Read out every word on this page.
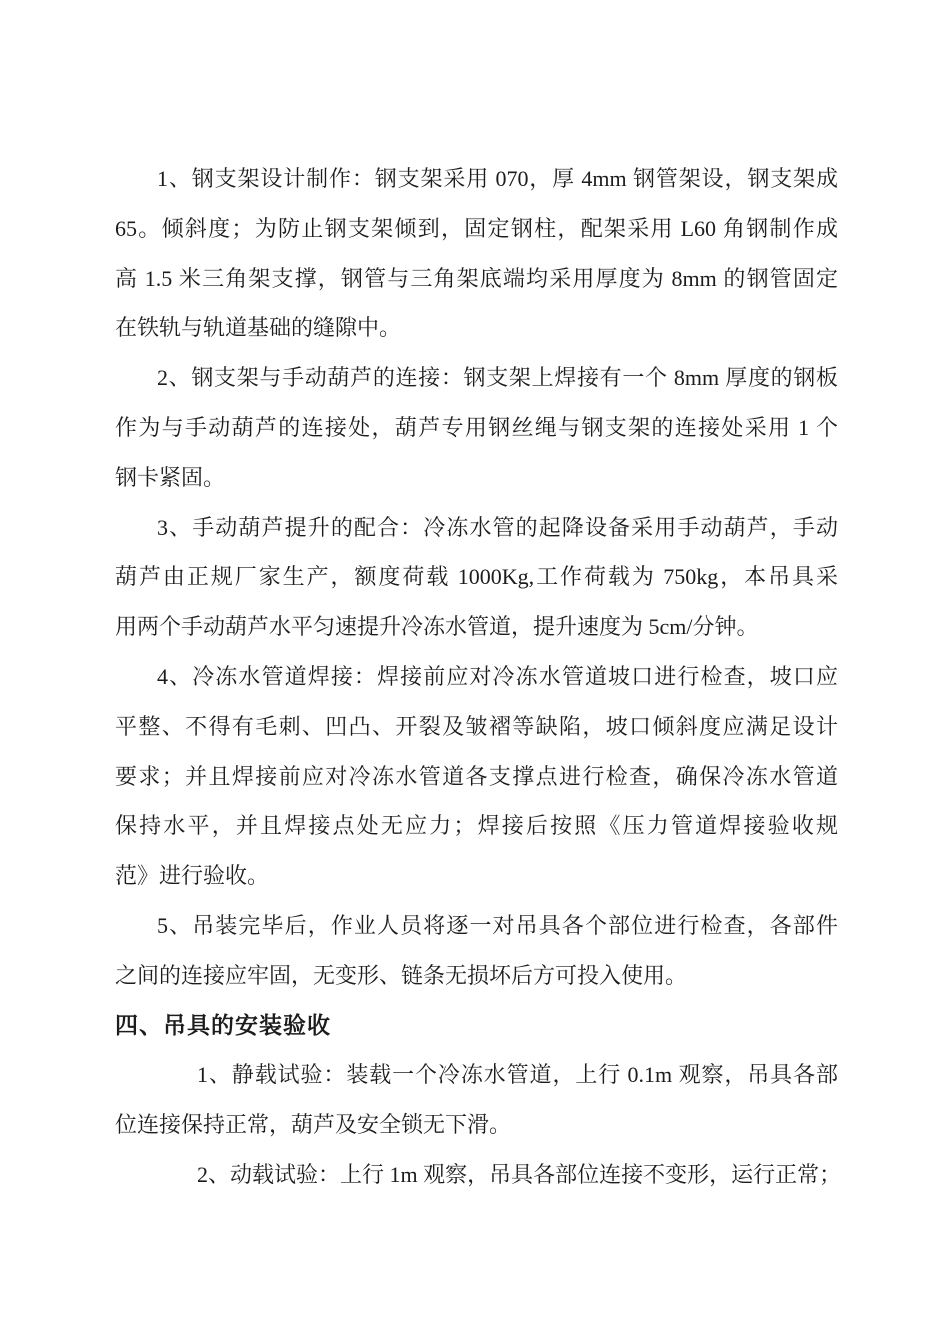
1、钢支架设计制作：钢支架采用 070，厚 4mm 钢管架设，钢支架成
65。倾斜度；为防止钢支架倾到，固定钢柱，配架采用 L60 角钢制作成
高 1.5 米三角架支撑，钢管与三角架底端均采用厚度为 8mm 的钢管固定
在铁轨与轨道基础的缝隙中。
2、钢支架与手动葫芦的连接：钢支架上焊接有一个 8mm 厚度的钢板
作为与手动葫芦的连接处，葫芦专用钢丝绳与钢支架的连接处采用 1 个
钢卡紧固。
3、手动葫芦提升的配合：冷冻水管的起降设备采用手动葫芦，手动
葫芦由正规厂家生产，额度荷载 1000Kg,工作荷载为 750kg，本吊具采
用两个手动葫芦水平匀速提升冷冻水管道，提升速度为 5cm/分钟。
4、冷冻水管道焊接：焊接前应对冷冻水管道坡口进行检查，坡口应
平整、不得有毛刺、凹凸、开裂及皱褶等缺陷，坡口倾斜度应满足设计
要求；并且焊接前应对冷冻水管道各支撑点进行检查，确保冷冻水管道
保持水平，并且焊接点处无应力；焊接后按照《压力管道焊接验收规
范》进行验收。
5、吊装完毕后，作业人员将逐一对吊具各个部位进行检查，各部件
之间的连接应牢固，无变形、链条无损坏后方可投入使用。
四、吊具的安装验收
1、静载试验：装载一个冷冻水管道，上行 0.1m 观察，吊具各部
位连接保持正常，葫芦及安全锁无下滑。
2、动载试验：上行 1m 观察，吊具各部位连接不变形，运行正常；
